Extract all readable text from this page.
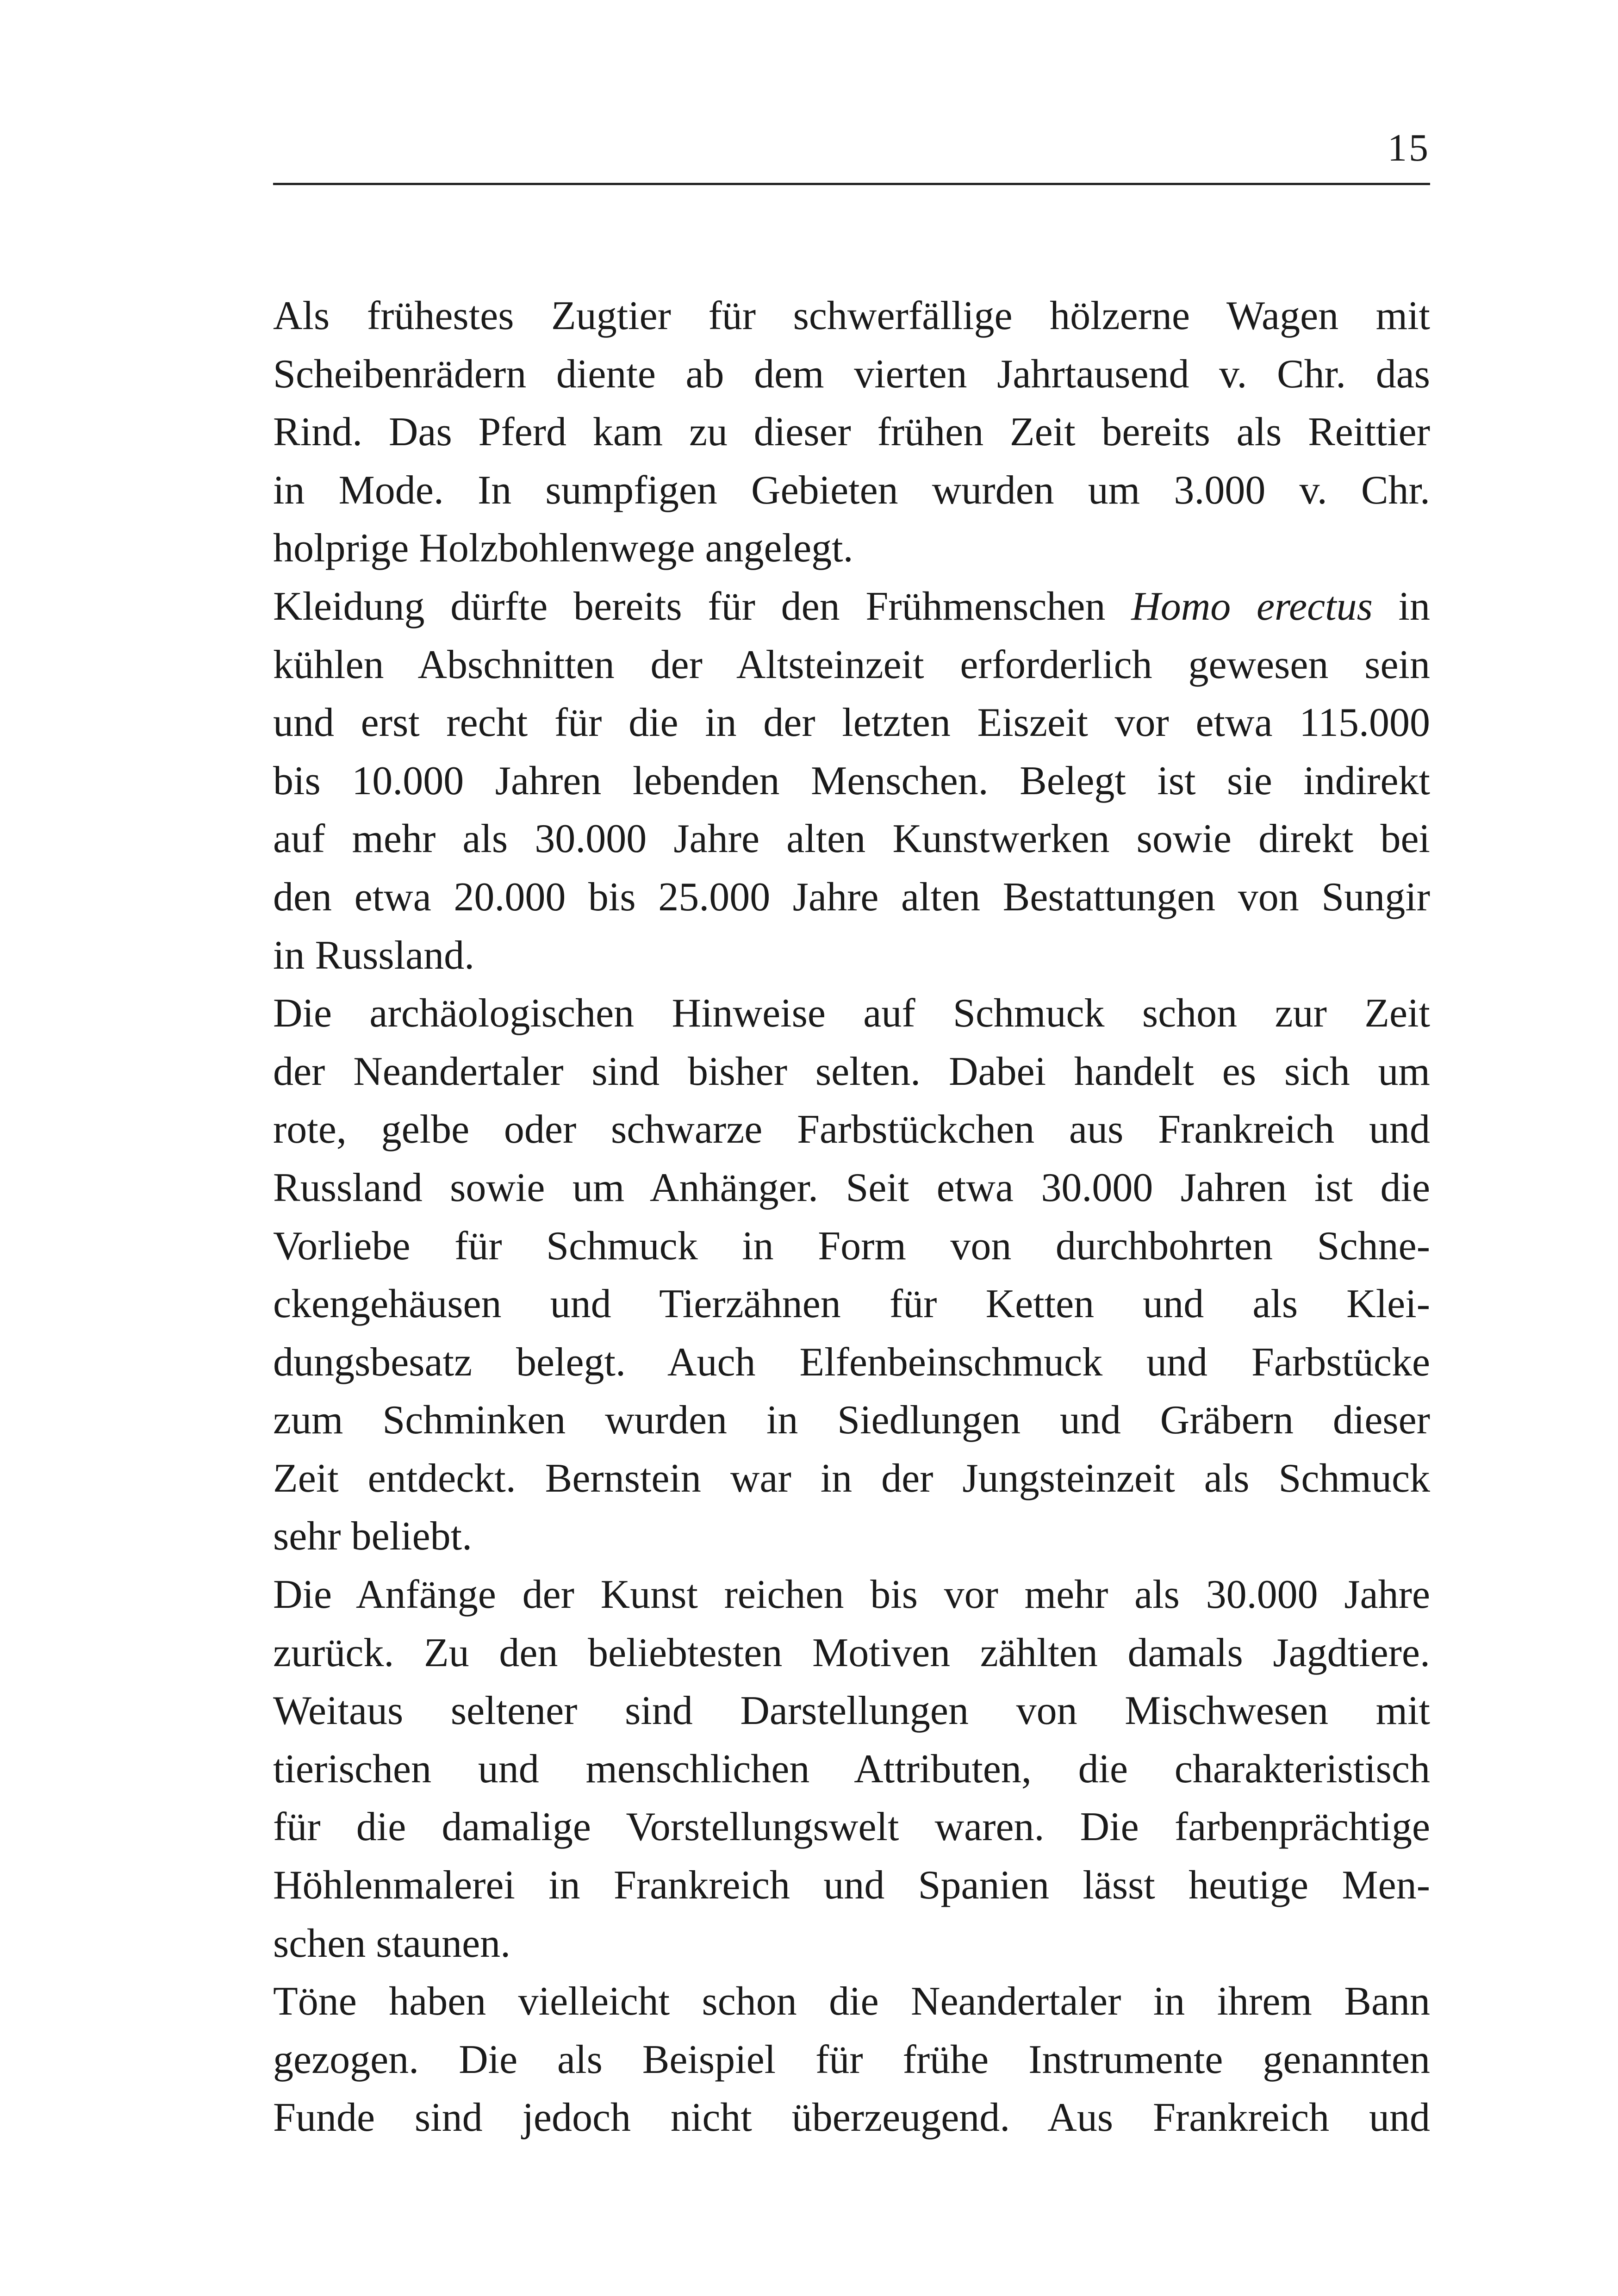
15
Als frühestes Zugtier für schwerfällige hölzerne Wagen mit
Scheibenrädern diente ab dem vierten Jahrtausend v. Chr. das
Rind. Das Pferd kam zu dieser frühen Zeit bereits als Reittier
in Mode. In sumpfigen Gebieten wurden um 3.000 v. Chr.
holprige Holzbohlenwege angelegt.
Kleidung dürfte bereits für den Frühmenschen Homo erectus in
kühlen Abschnitten der Altsteinzeit erforderlich gewesen sein
und erst recht für die in der letzten Eiszeit vor etwa 115.000
bis 10.000 Jahren lebenden Menschen. Belegt ist sie indirekt
auf mehr als 30.000 Jahre alten Kunstwerken sowie direkt bei
den etwa 20.000 bis 25.000 Jahre alten Bestattungen von Sungir
in Russland.
Die archäologischen Hinweise auf Schmuck schon zur Zeit
der Neandertaler sind bisher selten. Dabei handelt es sich um
rote, gelbe oder schwarze Farbstückchen aus Frankreich und
Russland sowie um Anhänger. Seit etwa 30.000 Jahren ist die
Vorliebe für Schmuck in Form von durchbohrten Schne-
ckengehäusen und Tierzähnen für Ketten und als Klei-
dungsbesatz belegt. Auch Elfenbeinschmuck und Farbstücke
zum Schminken wurden in Siedlungen und Gräbern dieser
Zeit entdeckt. Bernstein war in der Jungsteinzeit als Schmuck
sehr beliebt.
Die Anfänge der Kunst reichen bis vor mehr als 30.000 Jahre
zurück. Zu den beliebtesten Motiven zählten damals Jagdtiere.
Weitaus seltener sind Darstellungen von Mischwesen mit
tierischen und menschlichen Attributen, die charakteristisch
für die damalige Vorstellungswelt waren. Die farbenprächtige
Höhlenmalerei in Frankreich und Spanien lässt heutige Men-
schen staunen.
Töne haben vielleicht schon die Neandertaler in ihrem Bann
gezogen. Die als Beispiel für frühe Instrumente genannten
Funde sind jedoch nicht überzeugend. Aus Frankreich und
